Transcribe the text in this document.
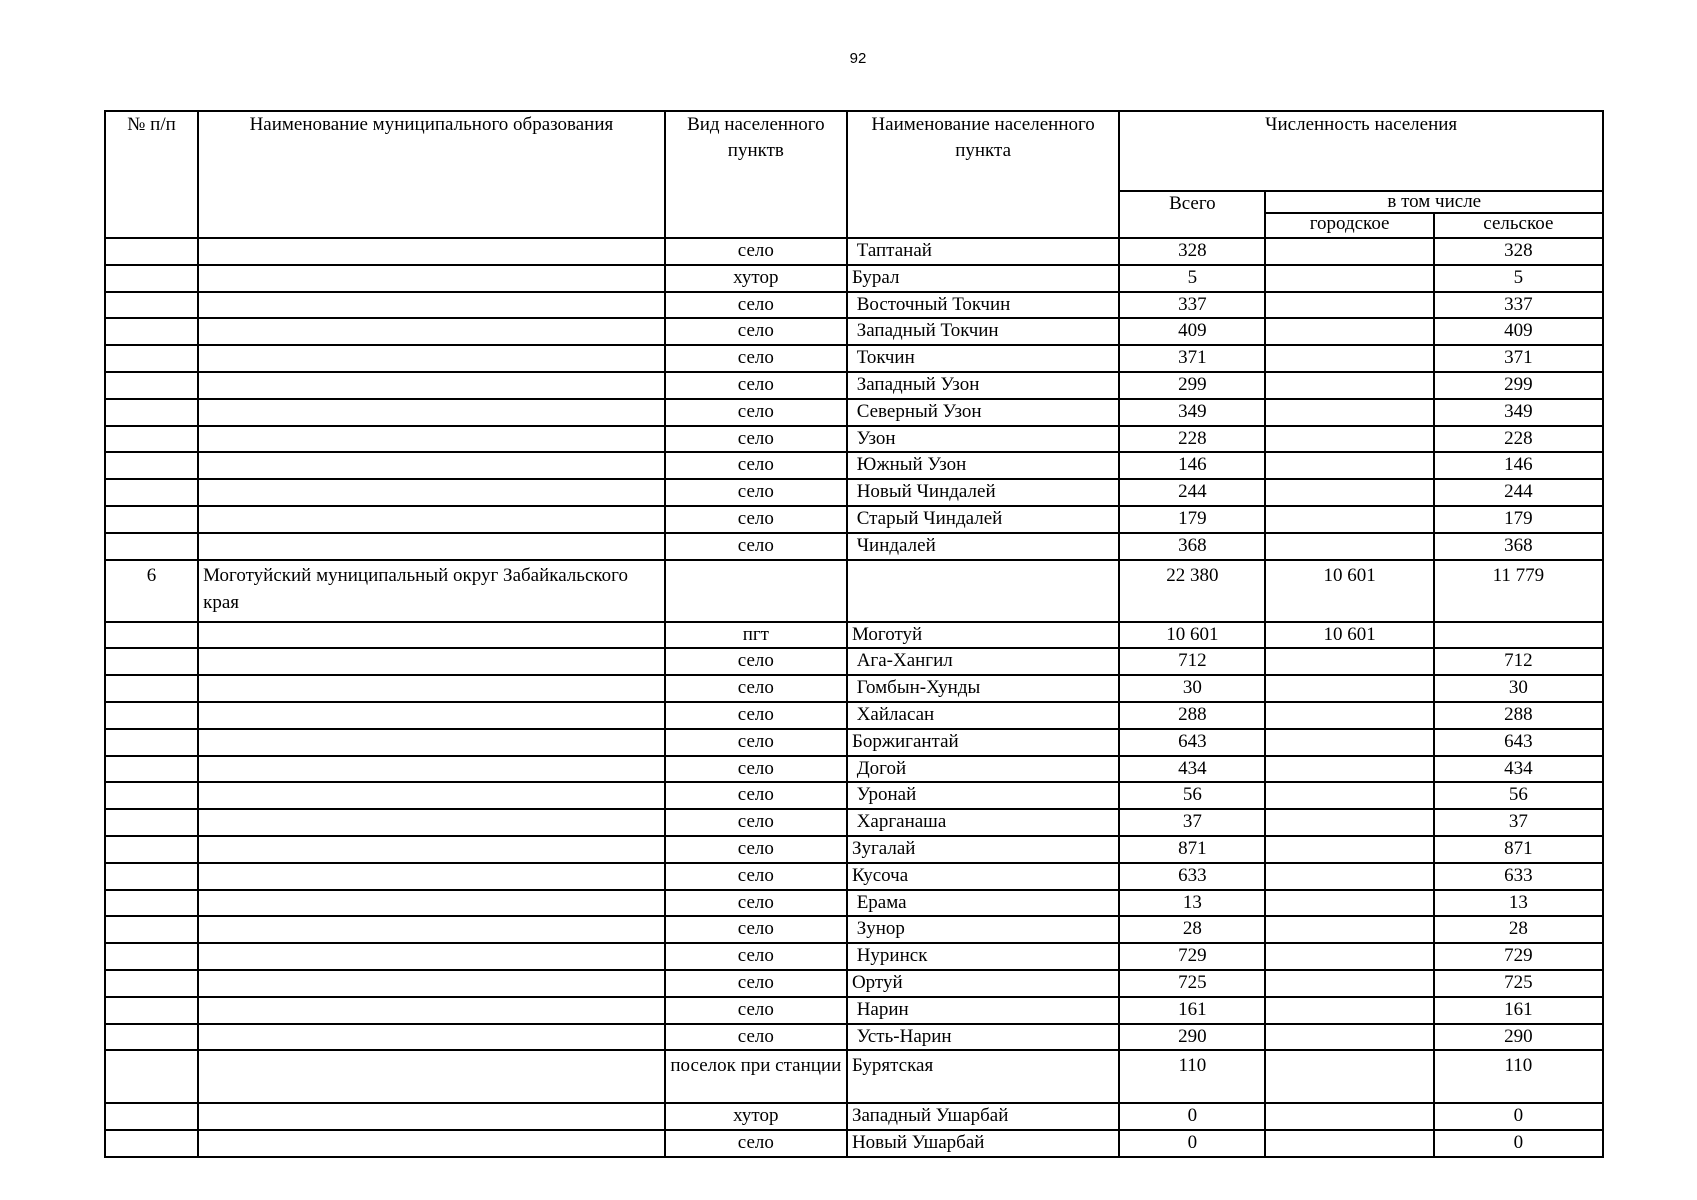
92
№ п/п	Наименование муниципального образования	Вид населенного пунктв	Наименование населенного пункта	Численность населения		
				Всего	в том числе	
					городское	сельское
		село	Таптанай	328		328
		хутор	Бурал	5		5
		село	Восточный Токчин	337		337
		село	Западный Токчин	409		409
		село	Токчин	371		371
		село	Западный Узон	299		299
		село	Северный Узон	349		349
		село	Узон	228		228
		село	Южный Узон	146		146
		село	Новый Чиндалей	244		244
		село	Старый Чиндалей	179		179
		село	Чиндалей	368		368
6	Моготуйский муниципальный округ Забайкальского края			22 380	10 601	11 779
		пгт	Моготуй	10 601	10 601	
		село	Ага-Хангил	712		712
		село	Гомбын-Хунды	30		30
		село	Хайласан	288		288
		село	Боржигантай	643		643
		село	Догой	434		434
		село	Уронай	56		56
		село	Харганаша	37		37
		село	Зугалай	871		871
		село	Кусоча	633		633
		село	Ерама	13		13
		село	Зунор	28		28
		село	Нуринск	729		729
		село	Ортуй	725		725
		село	Нарин	161		161
		село	Усть-Нарин	290		290
		поселок при станции	Бурятская	110		110
		хутор	Западный Ушарбай	0		0
		село	Новый Ушарбай	0		0
